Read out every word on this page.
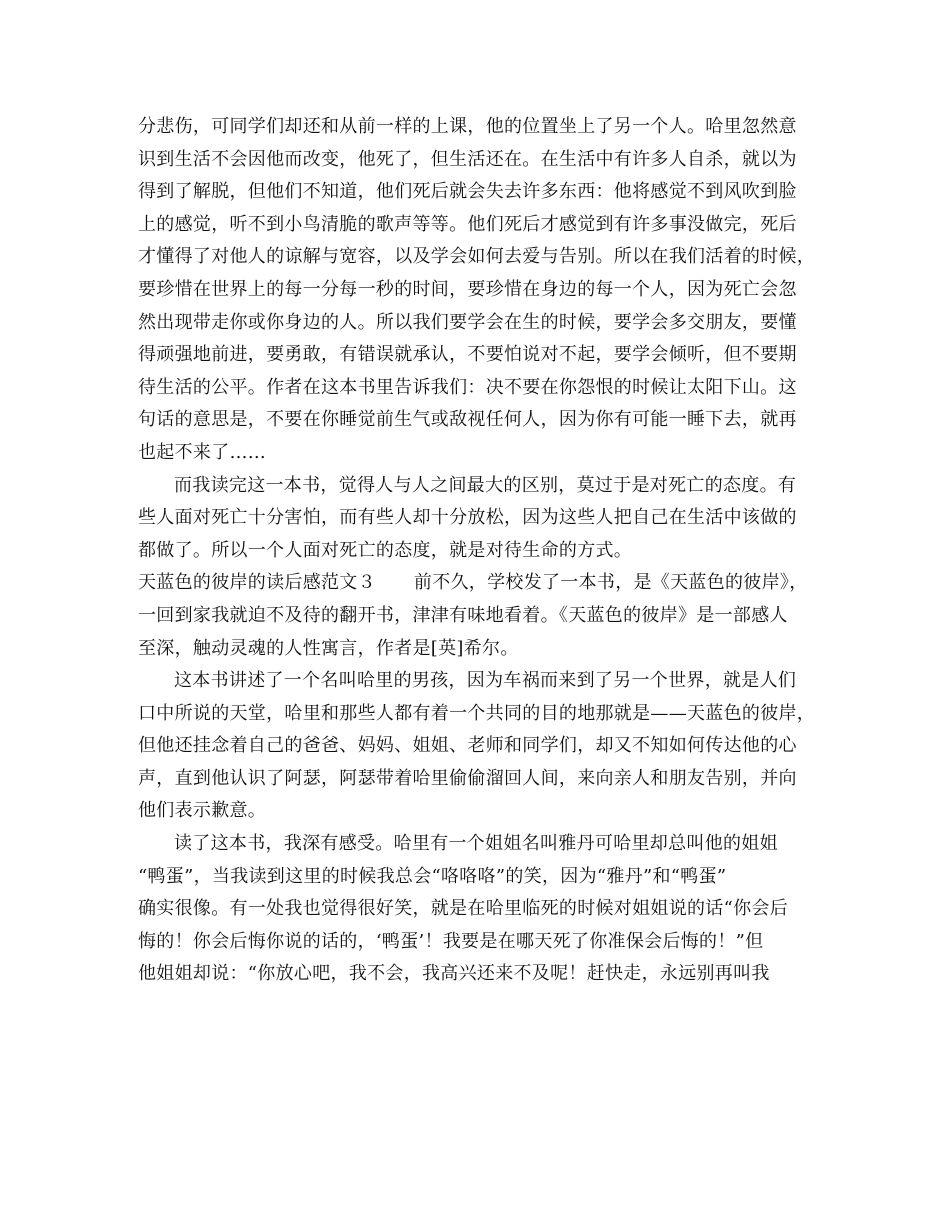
分悲伤，可同学们却还和从前一样的上课，他的位置坐上了另一个人。哈里忽然意
识到生活不会因他而改变，他死了，但生活还在。在生活中有许多人自杀，就以为
得到了解脱，但他们不知道，他们死后就会失去许多东西：他将感觉不到风吹到脸
上的感觉，听不到小鸟清脆的歌声等等。他们死后才感觉到有许多事没做完，死后
才懂得了对他人的谅解与宽容，以及学会如何去爱与告别。所以在我们活着的时候，
要珍惜在世界上的每一分每一秒的时间，要珍惜在身边的每一个人，因为死亡会忽
然出现带走你或你身边的人。所以我们要学会在生的时候，要学会多交朋友，要懂
得顽强地前进，要勇敢，有错误就承认，不要怕说对不起，要学会倾听，但不要期
待生活的公平。作者在这本书里告诉我们：决不要在你怨恨的时候让太阳下山。这
句话的意思是，不要在你睡觉前生气或敌视任何人，因为你有可能一睡下去，就再
也起不来了……
而我读完这一本书，觉得人与人之间最大的区别，莫过于是对死亡的态度。有
些人面对死亡十分害怕，而有些人却十分放松，因为这些人把自己在生活中该做的
都做了。所以一个人面对死亡的态度，就是对待生命的方式。
天蓝色的彼岸的读后感范文３ 前不久，学校发了一本书，是《天蓝色的彼岸》，
一回到家我就迫不及待的翻开书，津津有味地看着。《天蓝色的彼岸》是一部感人
至深，触动灵魂的人性寓言，作者是[英]希尔。
这本书讲述了一个名叫哈里的男孩，因为车祸而来到了另一个世界，就是人们
口中所说的天堂，哈里和那些人都有着一个共同的目的地那就是——天蓝色的彼岸，
但他还挂念着自己的爸爸、妈妈、姐姐、老师和同学们，却又不知如何传达他的心
声，直到他认识了阿瑟，阿瑟带着哈里偷偷溜回人间，来向亲人和朋友告别，并向
他们表示歉意。
读了这本书，我深有感受。哈里有一个姐姐名叫雅丹可哈里却总叫他的姐姐
“鸭蛋”，当我读到这里的时候我总会“咯咯咯”的笑，因为“雅丹”和“鸭蛋”
确实很像。有一处我也觉得很好笑，就是在哈里临死的时候对姐姐说的话“你会后
悔的！你会后悔你说的话的，‘鸭蛋’！我要是在哪天死了你准保会后悔的！”但
他姐姐却说：“你放心吧，我不会，我高兴还来不及呢！赶快走，永远别再叫我
